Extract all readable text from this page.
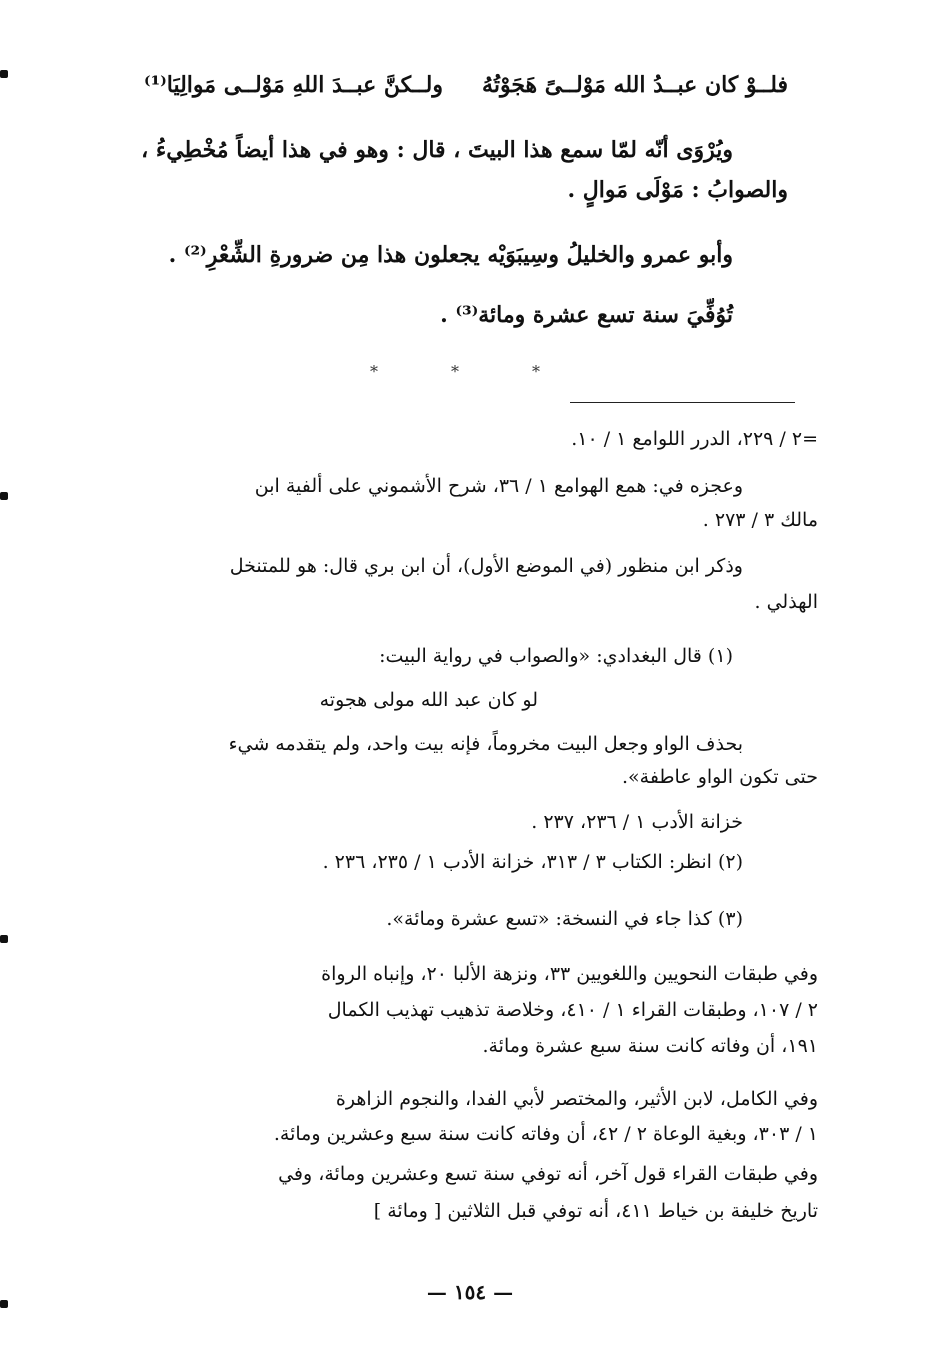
فلــوْ كان عبــدُ الله مَوْلــىً هَجَوْتُهُ
ولــكنَّ عبــدَ اللهِ مَوْلــى مَوالِيَا⁽¹⁾
ويُرْوَى أنّه لمّا سمع هذا البيتَ ، قال : وهو في هذا أيضاً مُخْطِيءُ ،
والصوابُ : مَوْلَى مَوالٍ .
وأبو عمرو والخليلُ وسِيبَوَيْه يجعلون هذا مِن ضرورةِ الشِّعْرِ⁽²⁾ .
تُوُفِّيَ سنة تسع عشرة ومائة⁽³⁾ .
*	*	*
=٢ / ٢٢٩، الدرر اللوامع ١ / ١٠.
وعجزه في: همع الهوامع ١ / ٣٦، شرح الأشموني على ألفية ابن
مالك ٣ / ٢٧٣ .
وذكر ابن منظور (في الموضع الأول)، أن ابن بري قال: هو للمتنخل
الهذلي .
(١) قال البغدادي: «والصواب في رواية البيت:
لو كان عبد الله مولى هجوته
بحذف الواو وجعل البيت مخروماً، فإنه بيت واحد، ولم يتقدمه شيء
حتى تكون الواو عاطفة».
خزانة الأدب ١ / ٢٣٦، ٢٣٧ .
(٢) انظر: الكتاب ٣ / ٣١٣، خزانة الأدب ١ / ٢٣٥، ٢٣٦ .
(٣) كذا جاء في النسخة: «تسع عشرة ومائة».
وفي طبقات النحويين واللغويين ٣٣، ونزهة الألبا ٢٠، وإنباه الرواة
٢ / ١٠٧، وطبقات القراء ١ / ٤١٠، وخلاصة تذهيب تهذيب الكمال
١٩١، أن وفاته كانت سنة سبع عشرة ومائة.
وفي الكامل، لابن الأثير، والمختصر لأبي الفدا، والنجوم الزاهرة
١ / ٣٠٣، وبغية الوعاة ٢ / ٤٢، أن وفاته كانت سنة سبع وعشرين ومائة.
وفي طبقات القراء قول آخر، أنه توفي سنة تسع وعشرين ومائة، وفي
تاريخ خليفة بن خياط ٤١١، أنه توفي قبل الثلاثين [ ومائة ]
— ١٥٤ —
